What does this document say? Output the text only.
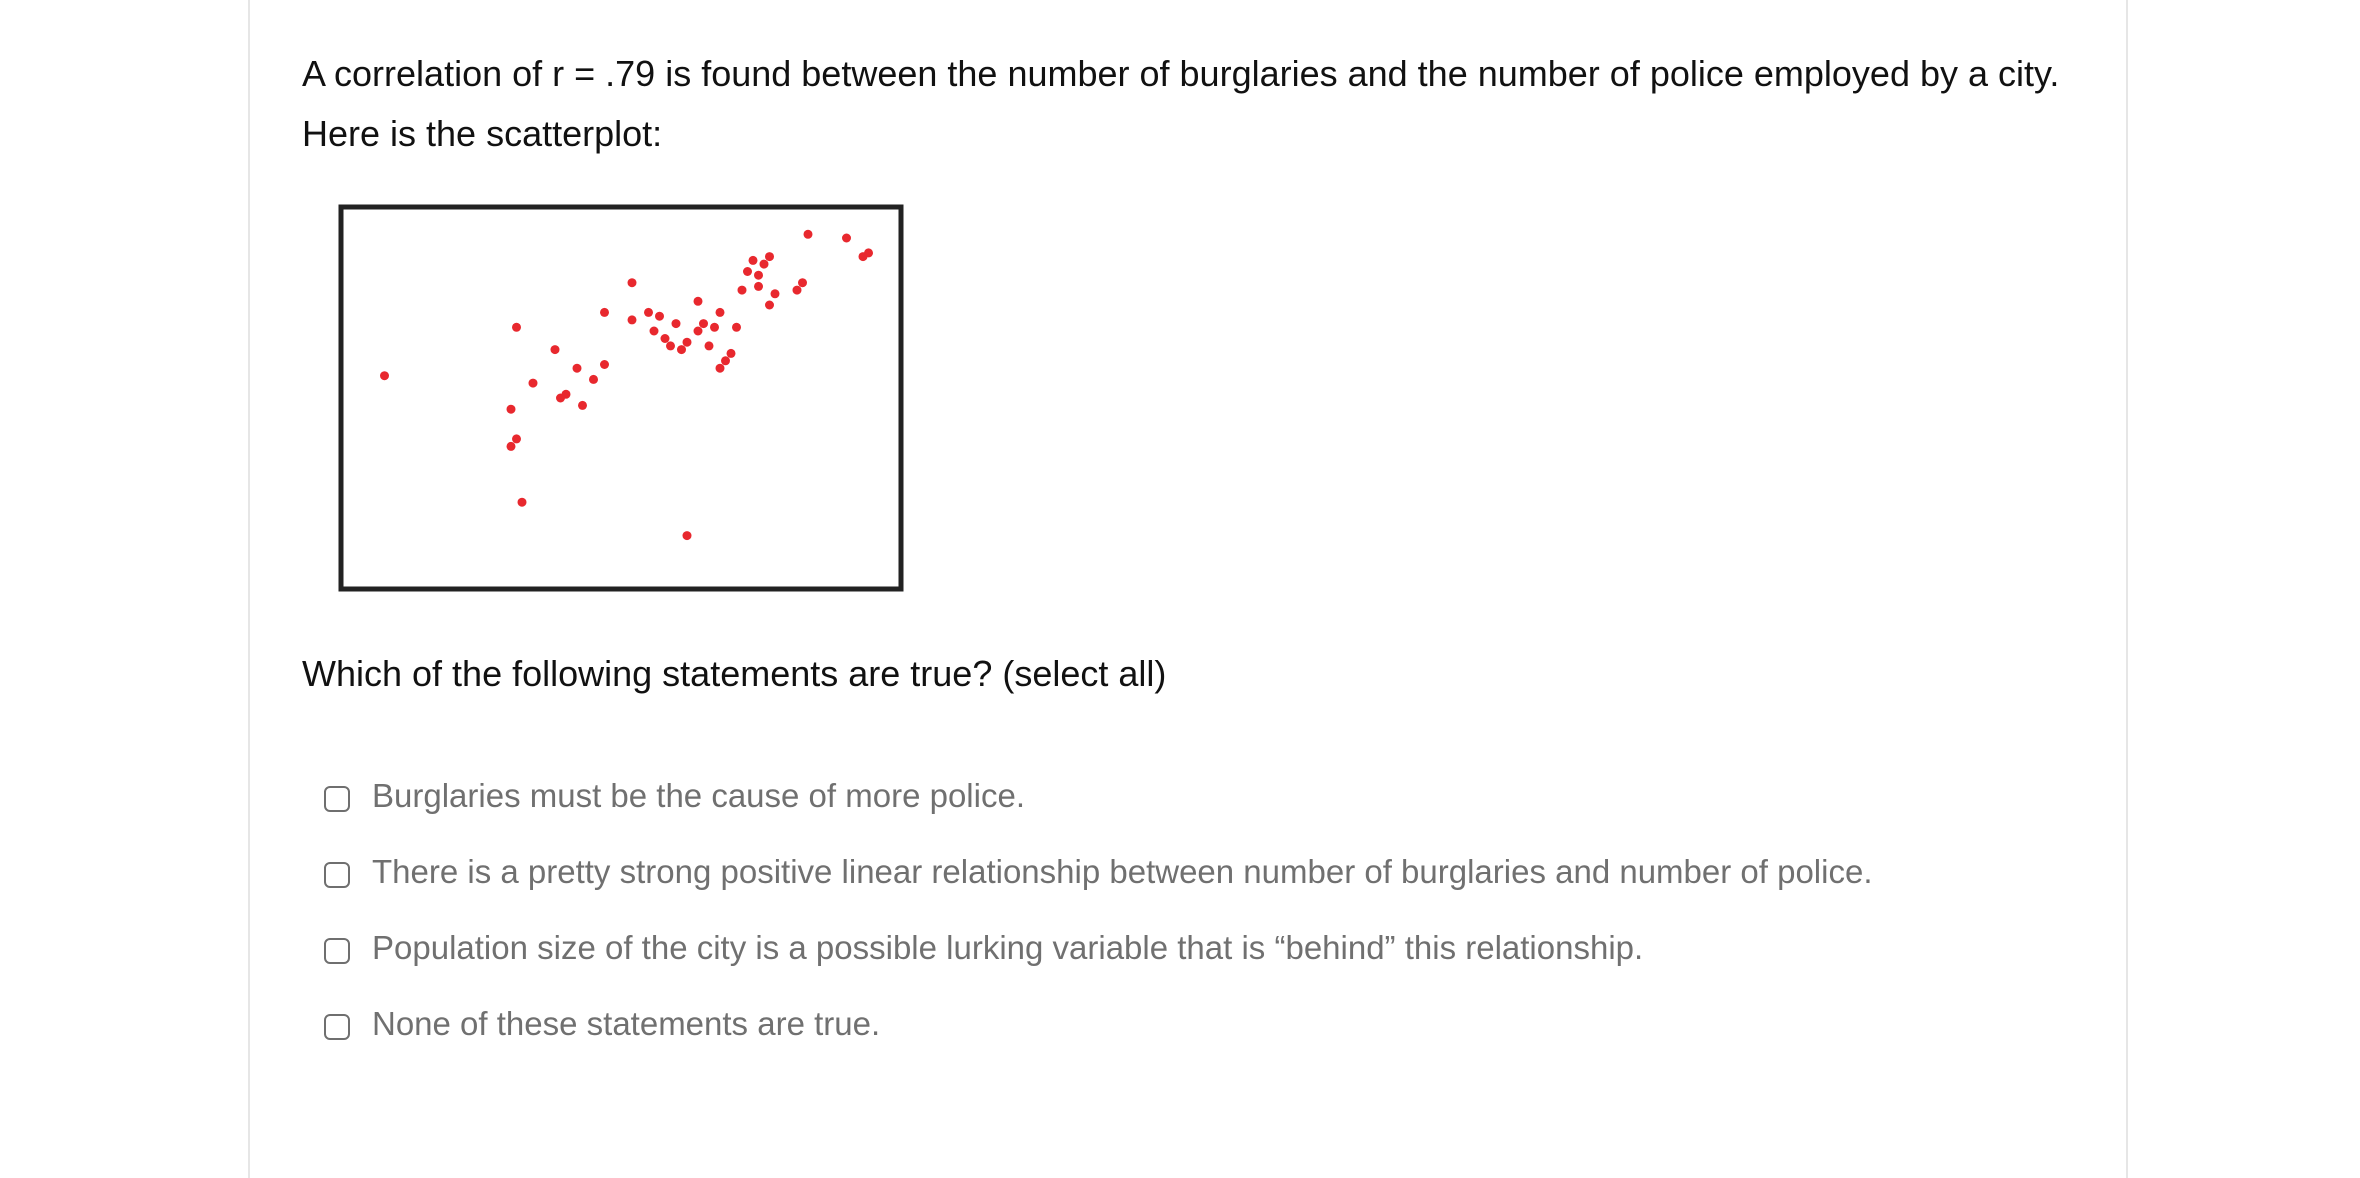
A correlation of r = .79 is found between the number of burglaries and the number of police employed by a city. Here is the scatterplot:

Which of the following statements are true? (select all)

Burglaries must be the cause of more police.
There is a pretty strong positive linear relationship between number of burglaries and number of police.
Population size of the city is a possible lurking variable that is “behind” this relationship.
None of these statements are true.
